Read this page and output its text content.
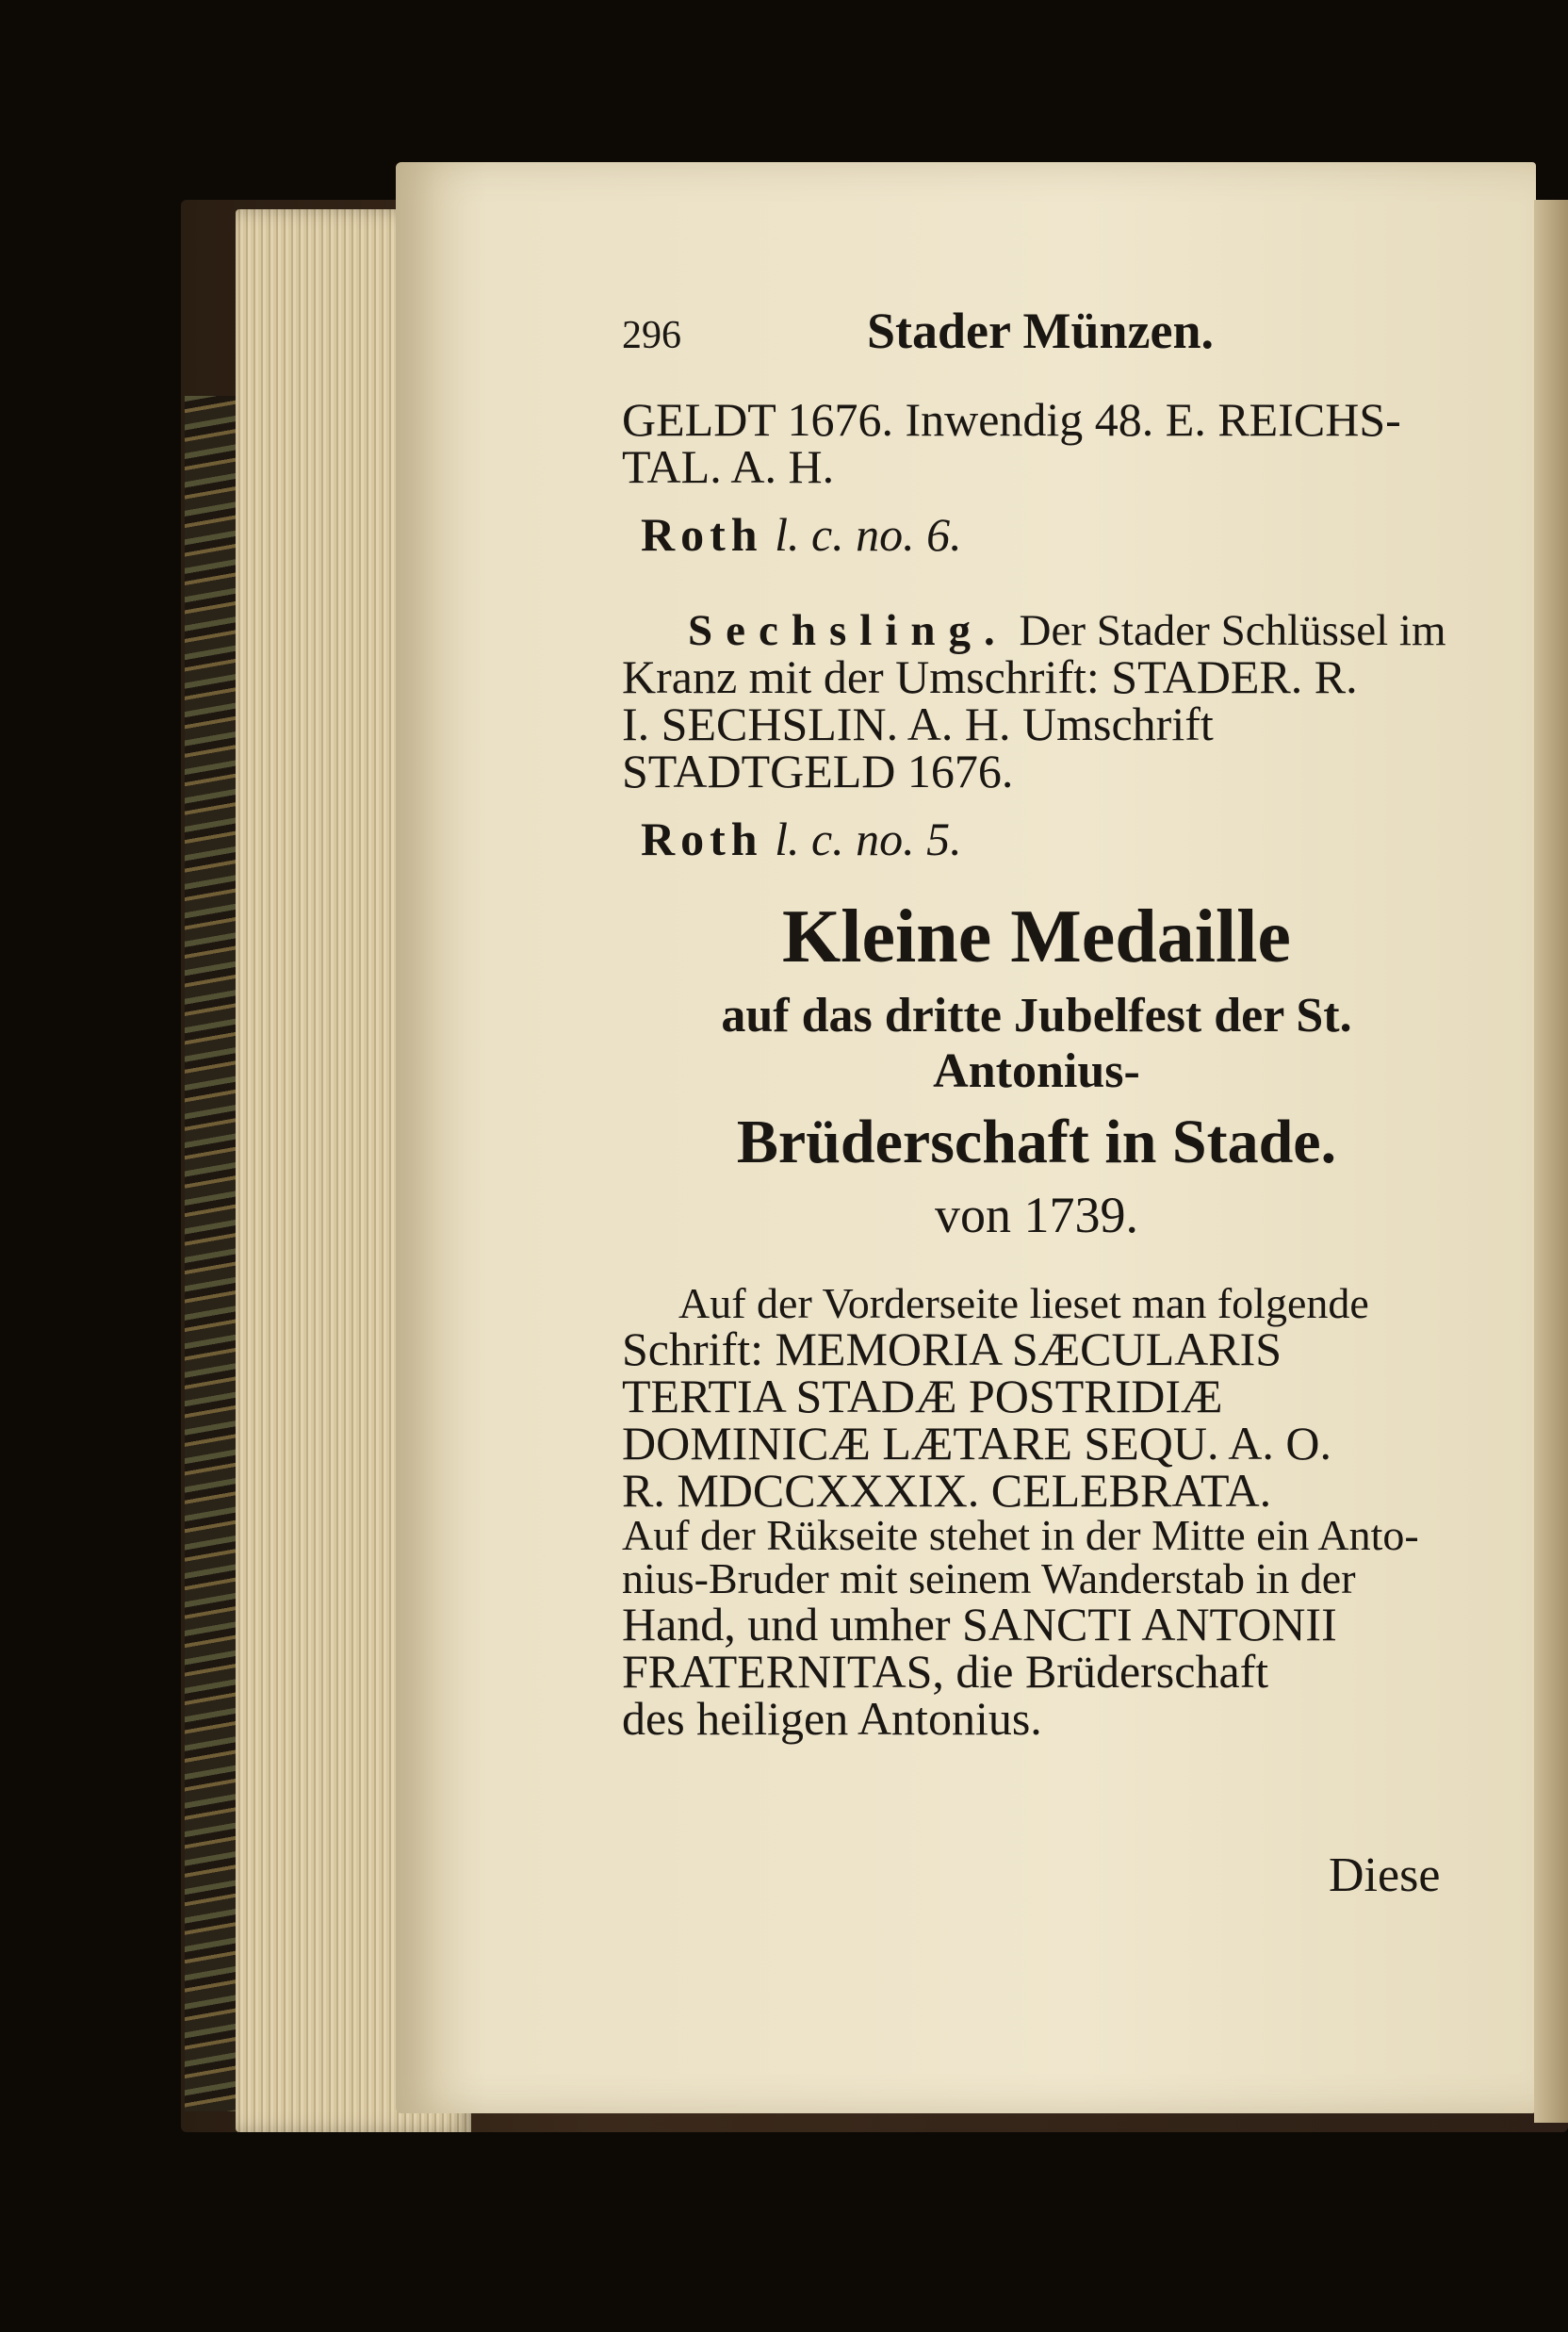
296	Stader Münzen.
GELDT 1676. Inwendig 48. E. REICHS-
TAL. A. H.
Roth l. c. no. 6.
Sechsling. Der Stader Schlüssel im
Kranz mit der Umschrift: STADER. R.
I. SECHSLIN. A. H. Umschrift
STADTGELD 1676.
Roth l. c. no. 5.
Kleine Medaille
auf das dritte Jubelfest der St. Antonius-
Brüderschaft in Stade.
von 1739.
Auf der Vorderseite lieset man folgende
Schrift: MEMORIA SÆCULARIS
TERTIA STADÆ POSTRIDIÆ
DOMINICÆ LÆTARE SEQU. A. O.
R. MDCCXXXIX. CELEBRATA.
Auf der Rükseite stehet in der Mitte ein Anto-
nius-Bruder mit seinem Wanderstab in der
Hand, und umher SANCTI ANTONII
FRATERNITAS, die Brüderschaft
des heiligen Antonius.
Diese
